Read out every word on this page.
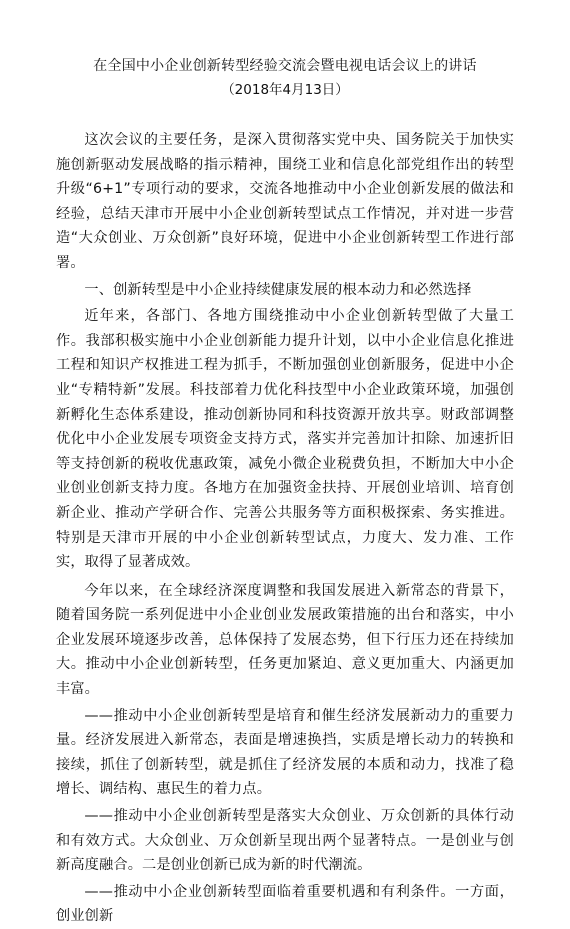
在全国中小企业创新转型经验交流会暨电视电话会议上的讲话
（2018年4月13日）

这次会议的主要任务，是深入贯彻落实党中央、国务院关于加快实施创新驱动发展战略的指示精神，围绕工业和信息化部党组作出的转型升级“6+1”专项行动的要求，交流各地推动中小企业创新发展的做法和经验，总结天津市开展中小企业创新转型试点工作情况，并对进一步营造“大众创业、万众创新”良好环境，促进中小企业创新转型工作进行部署。

一、创新转型是中小企业持续健康发展的根本动力和必然选择

近年来，各部门、各地方围绕推动中小企业创新转型做了大量工作。我部积极实施中小企业创新能力提升计划，以中小企业信息化推进工程和知识产权推进工程为抓手，不断加强创业创新服务，促进中小企业“专精特新”发展。科技部着力优化科技型中小企业政策环境，加强创新孵化生态体系建设，推动创新协同和科技资源开放共享。财政部调整优化中小企业发展专项资金支持方式，落实并完善加计扣除、加速折旧等支持创新的税收优惠政策，减免小微企业税费负担，不断加大中小企业创业创新支持力度。各地方在加强资金扶持、开展创业培训、培育创新企业、推动产学研合作、完善公共服务等方面积极探索、务实推进。特别是天津市开展的中小企业创新转型试点，力度大、发力准、工作实，取得了显著成效。

今年以来，在全球经济深度调整和我国发展进入新常态的背景下，随着国务院一系列促进中小企业创业发展政策措施的出台和落实，中小企业发展环境逐步改善，总体保持了发展态势，但下行压力还在持续加大。推动中小企业创新转型，任务更加紧迫、意义更加重大、内涵更加丰富。

——推动中小企业创新转型是培育和催生经济发展新动力的重要力量。经济发展进入新常态，表面是增速换挡，实质是增长动力的转换和接续，抓住了创新转型，就是抓住了经济发展的本质和动力，找准了稳增长、调结构、惠民生的着力点。

——推动中小企业创新转型是落实大众创业、万众创新的具体行动和有效方式。大众创业、万众创新呈现出两个显著特点。一是创业与创新高度融合。二是创业创新已成为新的时代潮流。

——推动中小企业创新转型面临着重要机遇和有利条件。一方面，创业创新
